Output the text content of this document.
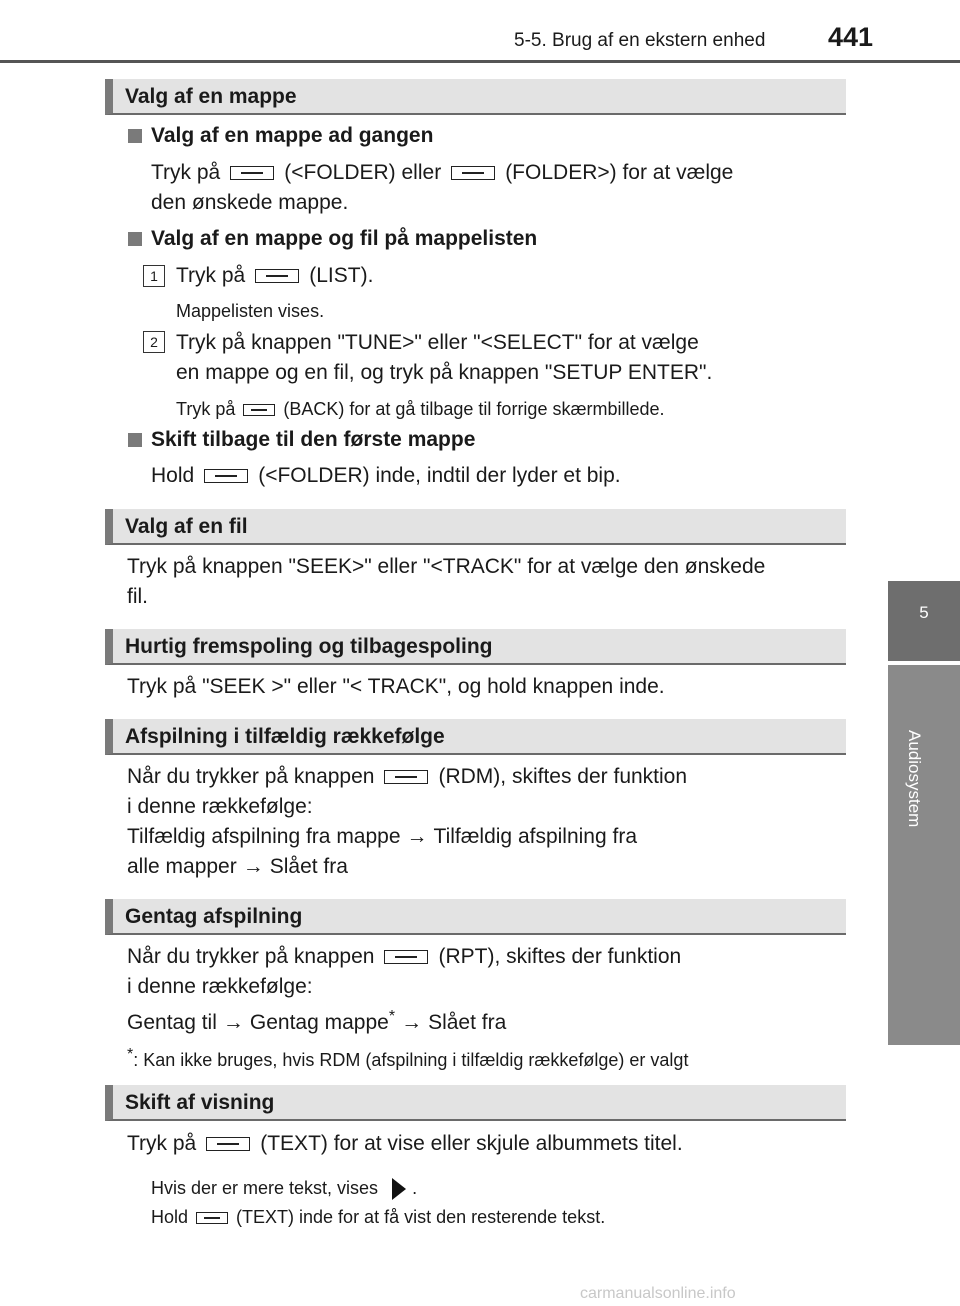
5-5. Brug af en ekstern enhed 441
5
Audiosystem
Valg af en mappe
Valg af en mappe ad gangen
Tryk på	(<FOLDER) eller	(FOLDER>) for at vælge
den ønskede mappe.
Valg af en mappe og fil på mappelisten
1 Tryk på	(LIST).
Mappelisten vises.
2 Tryk på knappen "TUNE>" eller "<SELECT" for at vælge
en mappe og en fil, og tryk på knappen "SETUP ENTER".
Tryk på	(BACK) for at gå tilbage til forrige skærmbillede.
Skift tilbage til den første mappe
Hold	(<FOLDER) inde, indtil der lyder et bip.
Valg af en fil
Tryk på knappen "SEEK>" eller "<TRACK" for at vælge den ønskede
fil.
Hurtig fremspoling og tilbagespoling
Tryk på "SEEK >" eller "< TRACK", og hold knappen inde.
Afspilning i tilfældig rækkefølge
Når du trykker på knappen	(RDM), skiftes der funktion
i denne rækkefølge:
Tilfældig afspilning fra mappe → Tilfældig afspilning fra
alle mapper → Slået fra
Gentag afspilning
Når du trykker på knappen	(RPT), skiftes der funktion
i denne rækkefølge:
Gentag til → Gentag mappe* → Slået fra
*: Kan ikke bruges, hvis RDM (afspilning i tilfældig rækkefølge) er valgt
Skift af visning
Tryk på	(TEXT) for at vise eller skjule albummets titel.
Hvis der er mere tekst, vises .
Hold	(TEXT) inde for at få vist den resterende tekst.
carmanualsonline.info
